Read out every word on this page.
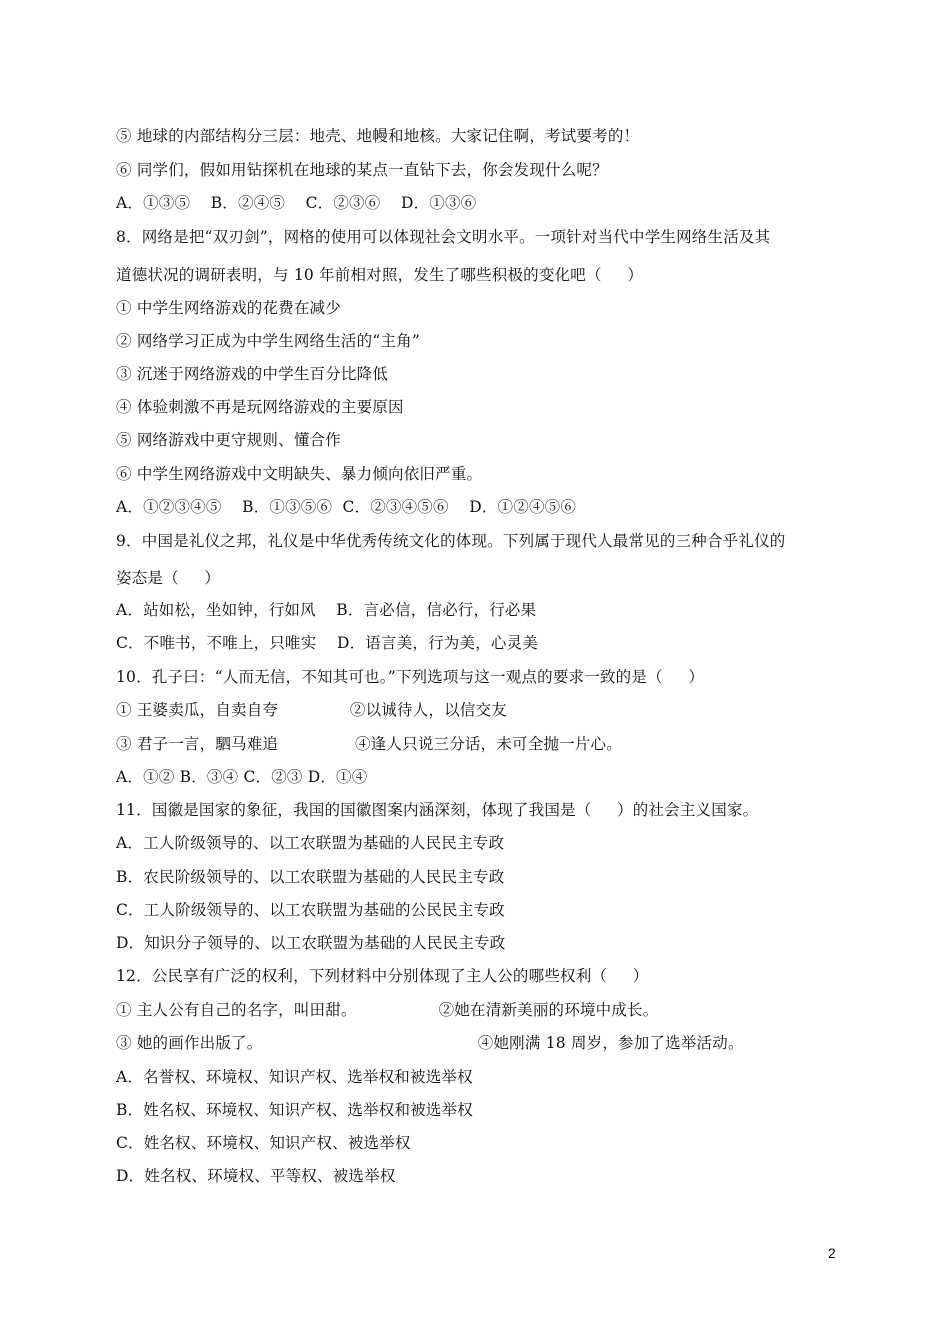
⑤ 地球的内部结构分三层：地壳、地幔和地核。大家记住啊，考试要考的！
⑥ 同学们，假如用钻探机在地球的某点一直钻下去，你会发现什么呢？
A．①③⑤    B．②④⑤    C．②③⑥    D．①③⑥
8．网络是把“双刃剑”，网格的使用可以体现社会文明水平。一项针对当代中学生网络生活及其
道德状况的调研表明，与 10 年前相对照，发生了哪些积极的变化吧（     ）
① 中学生网络游戏的花费在减少
② 网络学习正成为中学生网络生活的“主角”
③ 沉迷于网络游戏的中学生百分比降低
④ 体验刺激不再是玩网络游戏的主要原因
⑤ 网络游戏中更守规则、懂合作
⑥ 中学生网络游戏中文明缺失、暴力倾向依旧严重。
A．①②③④⑤    B．①③⑤⑥  C．②③④⑤⑥    D．①②④⑤⑥
9．中国是礼仪之邦，礼仪是中华优秀传统文化的体现。下列属于现代人最常见的三种合乎礼仪的
姿态是（     ）
A．站如松，坐如钟，行如风    B．言必信，信必行，行必果
C．不唯书，不唯上，只唯实    D．语言美，行为美，心灵美
10．孔子曰：“人而无信，不知其可也。”下列选项与这一观点的要求一致的是（     ）
① 王婆卖瓜，自卖自夸              ②以诚待人，以信交友
③ 君子一言，駟马难追               ④逢人只说三分话，未可全抛一片心。
A．①② B．③④ C．②③ D．①④
11．国徽是国家的象征，我国的国徽图案内涵深刻，体现了我国是（     ）的社会主义国家。
A．工人阶级领导的、以工农联盟为基础的人民民主专政
B．农民阶级领导的、以工农联盟为基础的人民民主专政
C．工人阶级领导的、以工农联盟为基础的公民民主专政
D．知识分子领导的、以工农联盟为基础的人民民主专政
12．公民享有广泛的权利，下列材料中分别体现了主人公的哪些权利（     ）
① 主人公有自己的名字，叫田甜。                ②她在清新美丽的环境中成长。
③ 她的画作出版了。                                          ④她刚满 18 周岁，参加了选举活动。
A．名誉权、环境权、知识产权、选举权和被选举权
B．姓名权、环境权、知识产权、选举权和被选举权
C．姓名权、环境权、知识产权、被选举权
D．姓名权、环境权、平等权、被选举权
2
